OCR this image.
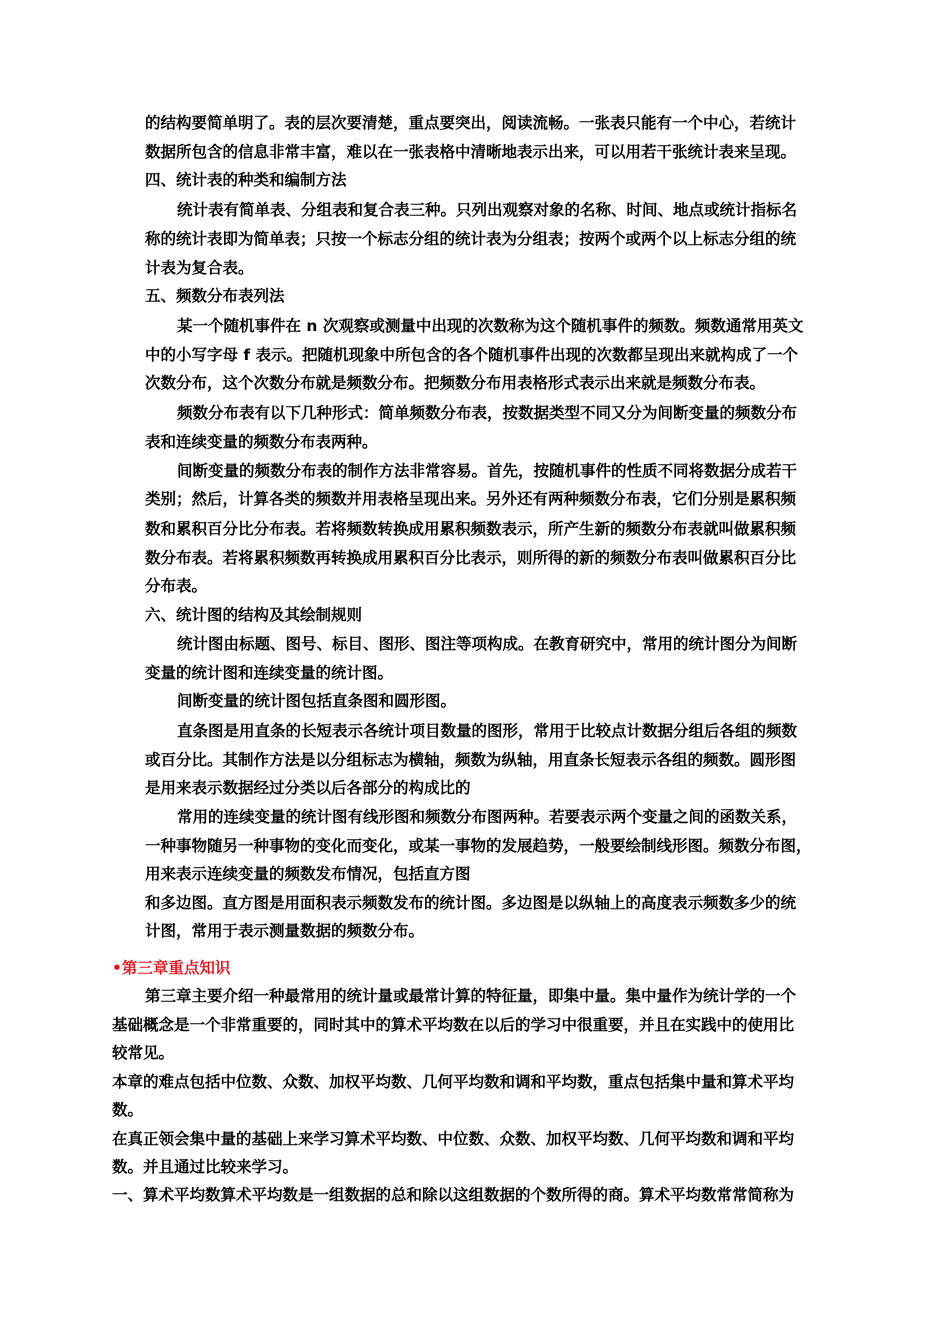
的结构要简单明了。表的层次要清楚，重点要突出，阅读流畅。一张表只能有一个中心，若统计

数据所包含的信息非常丰富，难以在一张表格中清晰地表示出来，可以用若干张统计表来呈现。

四、统计表的种类和编制方法

统计表有简单表、分组表和复合表三种。只列出观察对象的名称、时间、地点或统计指标名

称的统计表即为简单表；只按一个标志分组的统计表为分组表；按两个或两个以上标志分组的统

计表为复合表。

五、频数分布表列法

某一个随机事件在 n 次观察或测量中出现的次数称为这个随机事件的频数。频数通常用英文

中的小写字母 f 表示。把随机现象中所包含的各个随机事件出现的次数都呈现出来就构成了一个

次数分布，这个次数分布就是频数分布。把频数分布用表格形式表示出来就是频数分布表。

频数分布表有以下几种形式：简单频数分布表，按数据类型不同又分为间断变量的频数分布

表和连续变量的频数分布表两种。

间断变量的频数分布表的制作方法非常容易。首先，按随机事件的性质不同将数据分成若干

类别；然后，计算各类的频数并用表格呈现出来。另外还有两种频数分布表，它们分别是累积频

数和累积百分比分布表。若将频数转换成用累积频数表示，所产生新的频数分布表就叫做累积频

数分布表。若将累积频数再转换成用累积百分比表示，则所得的新的频数分布表叫做累积百分比

分布表。

六、统计图的结构及其绘制规则

统计图由标题、图号、标目、图形、图注等项构成。在教育研究中，常用的统计图分为间断

变量的统计图和连续变量的统计图。

间断变量的统计图包括直条图和圆形图。

直条图是用直条的长短表示各统计项目数量的图形，常用于比较点计数据分组后各组的频数

或百分比。其制作方法是以分组标志为横轴，频数为纵轴，用直条长短表示各组的频数。圆形图

是用来表示数据经过分类以后各部分的构成比的

常用的连续变量的统计图有线形图和频数分布图两种。若要表示两个变量之间的函数关系，

一种事物随另一种事物的变化而变化，或某一事物的发展趋势，一般要绘制线形图。频数分布图，

用来表示连续变量的频数发布情况，包括直方图

和多边图。直方图是用面积表示频数发布的统计图。多边图是以纵轴上的高度表示频数多少的统

计图，常用于表示测量数据的频数分布。

•第三章重点知识

第三章主要介绍一种最常用的统计量或最常计算的特征量，即集中量。集中量作为统计学的一个

基础概念是一个非常重要的，同时其中的算术平均数在以后的学习中很重要，并且在实践中的使用比

较常见。

本章的难点包括中位数、众数、加权平均数、几何平均数和调和平均数，重点包括集中量和算术平均

数。

在真正领会集中量的基础上来学习算术平均数、中位数、众数、加权平均数、几何平均数和调和平均

数。并且通过比较来学习。

一、算术平均数算术平均数是一组数据的总和除以这组数据的个数所得的商。算术平均数常常简称为
